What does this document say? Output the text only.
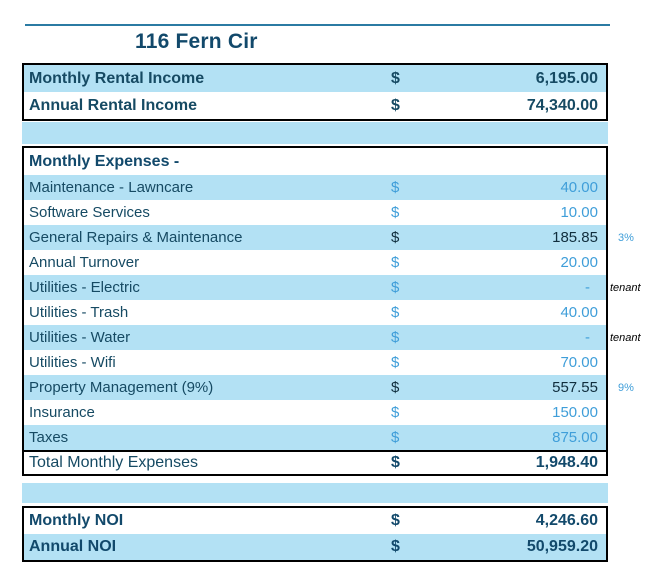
116 Fern Cir
Monthly Rental Income	$	6,195.00
Annual Rental Income	$	74,340.00
Monthly Expenses -
Maintenance - Lawncare	$	40.00
Software Services	$	10.00
General Repairs & Maintenance	$	185.85	3%
Annual Turnover	$	20.00
Utilities - Electric	$	-	tenant
Utilities - Trash	$	40.00
Utilities - Water	$	-	tenant
Utilities - Wifi	$	70.00
Property Management (9%)	$	557.55	9%
Insurance	$	150.00
Taxes	$	875.00
Total Monthly Expenses	$	1,948.40
Monthly NOI	$	4,246.60
Annual NOI	$	50,959.20
